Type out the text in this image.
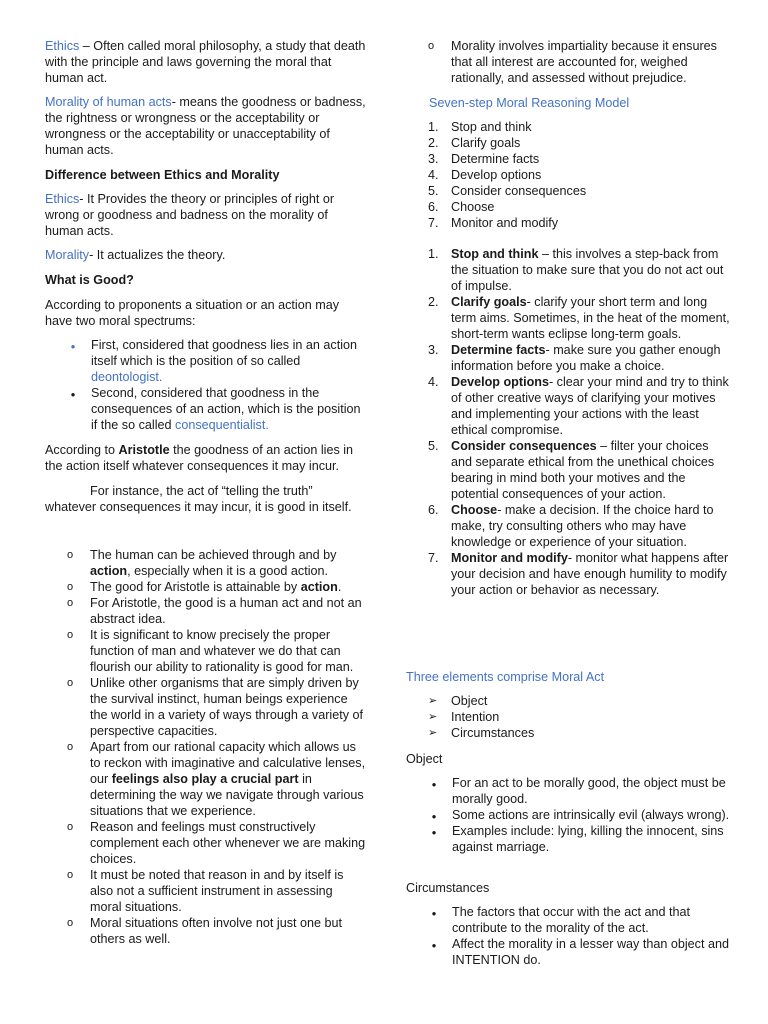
Ethics – Often called moral philosophy, a study that death with the principle and laws governing the moral that human act.

Morality of human acts- means the goodness or badness, the rightness or wrongness or the acceptability or wrongness or the acceptability or unacceptability of human acts.

Difference between Ethics and Morality

Ethics- It Provides the theory or principles of right or wrong or goodness and badness on the morality of human acts.

Morality- It actualizes the theory.

What is Good?

According to proponents a situation or an action may have two moral spectrums:

●
First, considered that goodness lies in an action itself which is the position of so called deontologist.
●
Second, considered that goodness in the consequences of an action, which is the position if the so called consequentialist.

According to Aristotle the goodness of an action lies in the action itself whatever consequences it may incur.

For instance, the act of “telling the truth” whatever consequences it may incur, it is good in itself.

o The human can be achieved through and by action, especially when it is a good action.
o The good for Aristotle is attainable by action.
o For Aristotle, the good is a human act and not an abstract idea.
o It is significant to know precisely the proper function of man and whatever we do that can flourish our ability to rationality is good for man.
o Unlike other organisms that are simply driven by the survival instinct, human beings experience the world in a variety of ways through a variety of perspective capacities.
o Apart from our rational capacity which allows us to reckon with imaginative and calculative lenses, our feelings also play a crucial part in determining the way we navigate through various situations that we experience.
o Reason and feelings must constructively complement each other whenever we are making choices.
o It must be noted that reason in and by itself is also not a sufficient instrument in assessing moral situations.
o Moral situations often involve not just one but others as well.
o Morality involves impartiality because it ensures that all interest are accounted for, weighed rationally, and assessed without prejudice.

Seven-step Moral Reasoning Model

1. Stop and think
2. Clarify goals
3. Determine facts
4. Develop options
5. Consider consequences
6. Choose
7. Monitor and modify
1. Stop and think – this involves a step-back from the situation to make sure that you do not act out of impulse.
2. Clarify goals- clarify your short term and long term aims. Sometimes, in the heat of the moment, short-term wants eclipse long-term goals.
3. Determine facts- make sure you gather enough information before you make a choice.
4. Develop options- clear your mind and try to think of other creative ways of clarifying your motives and implementing your actions with the least ethical compromise.
5. Consider consequences – filter your choices and separate ethical from the unethical choices bearing in mind both your motives and the potential consequences of your action.
6. Choose- make a decision. If the choice hard to make, try consulting others who may have knowledge or experience of your situation.
7. Monitor and modify- monitor what happens after your decision and have enough humility to modify your action or behavior as necessary.

Three elements comprise Moral Act

➢ Object
➢ Intention
➢ Circumstances

Object

●
For an act to be morally good, the object must be morally good.
●
Some actions are intrinsically evil (always wrong).
●
Examples include: lying, killing the innocent, sins against marriage.

Circumstances

●
The factors that occur with the act and that contribute to the morality of the act.
●
Affect the morality in a lesser way than object and INTENTION do.
